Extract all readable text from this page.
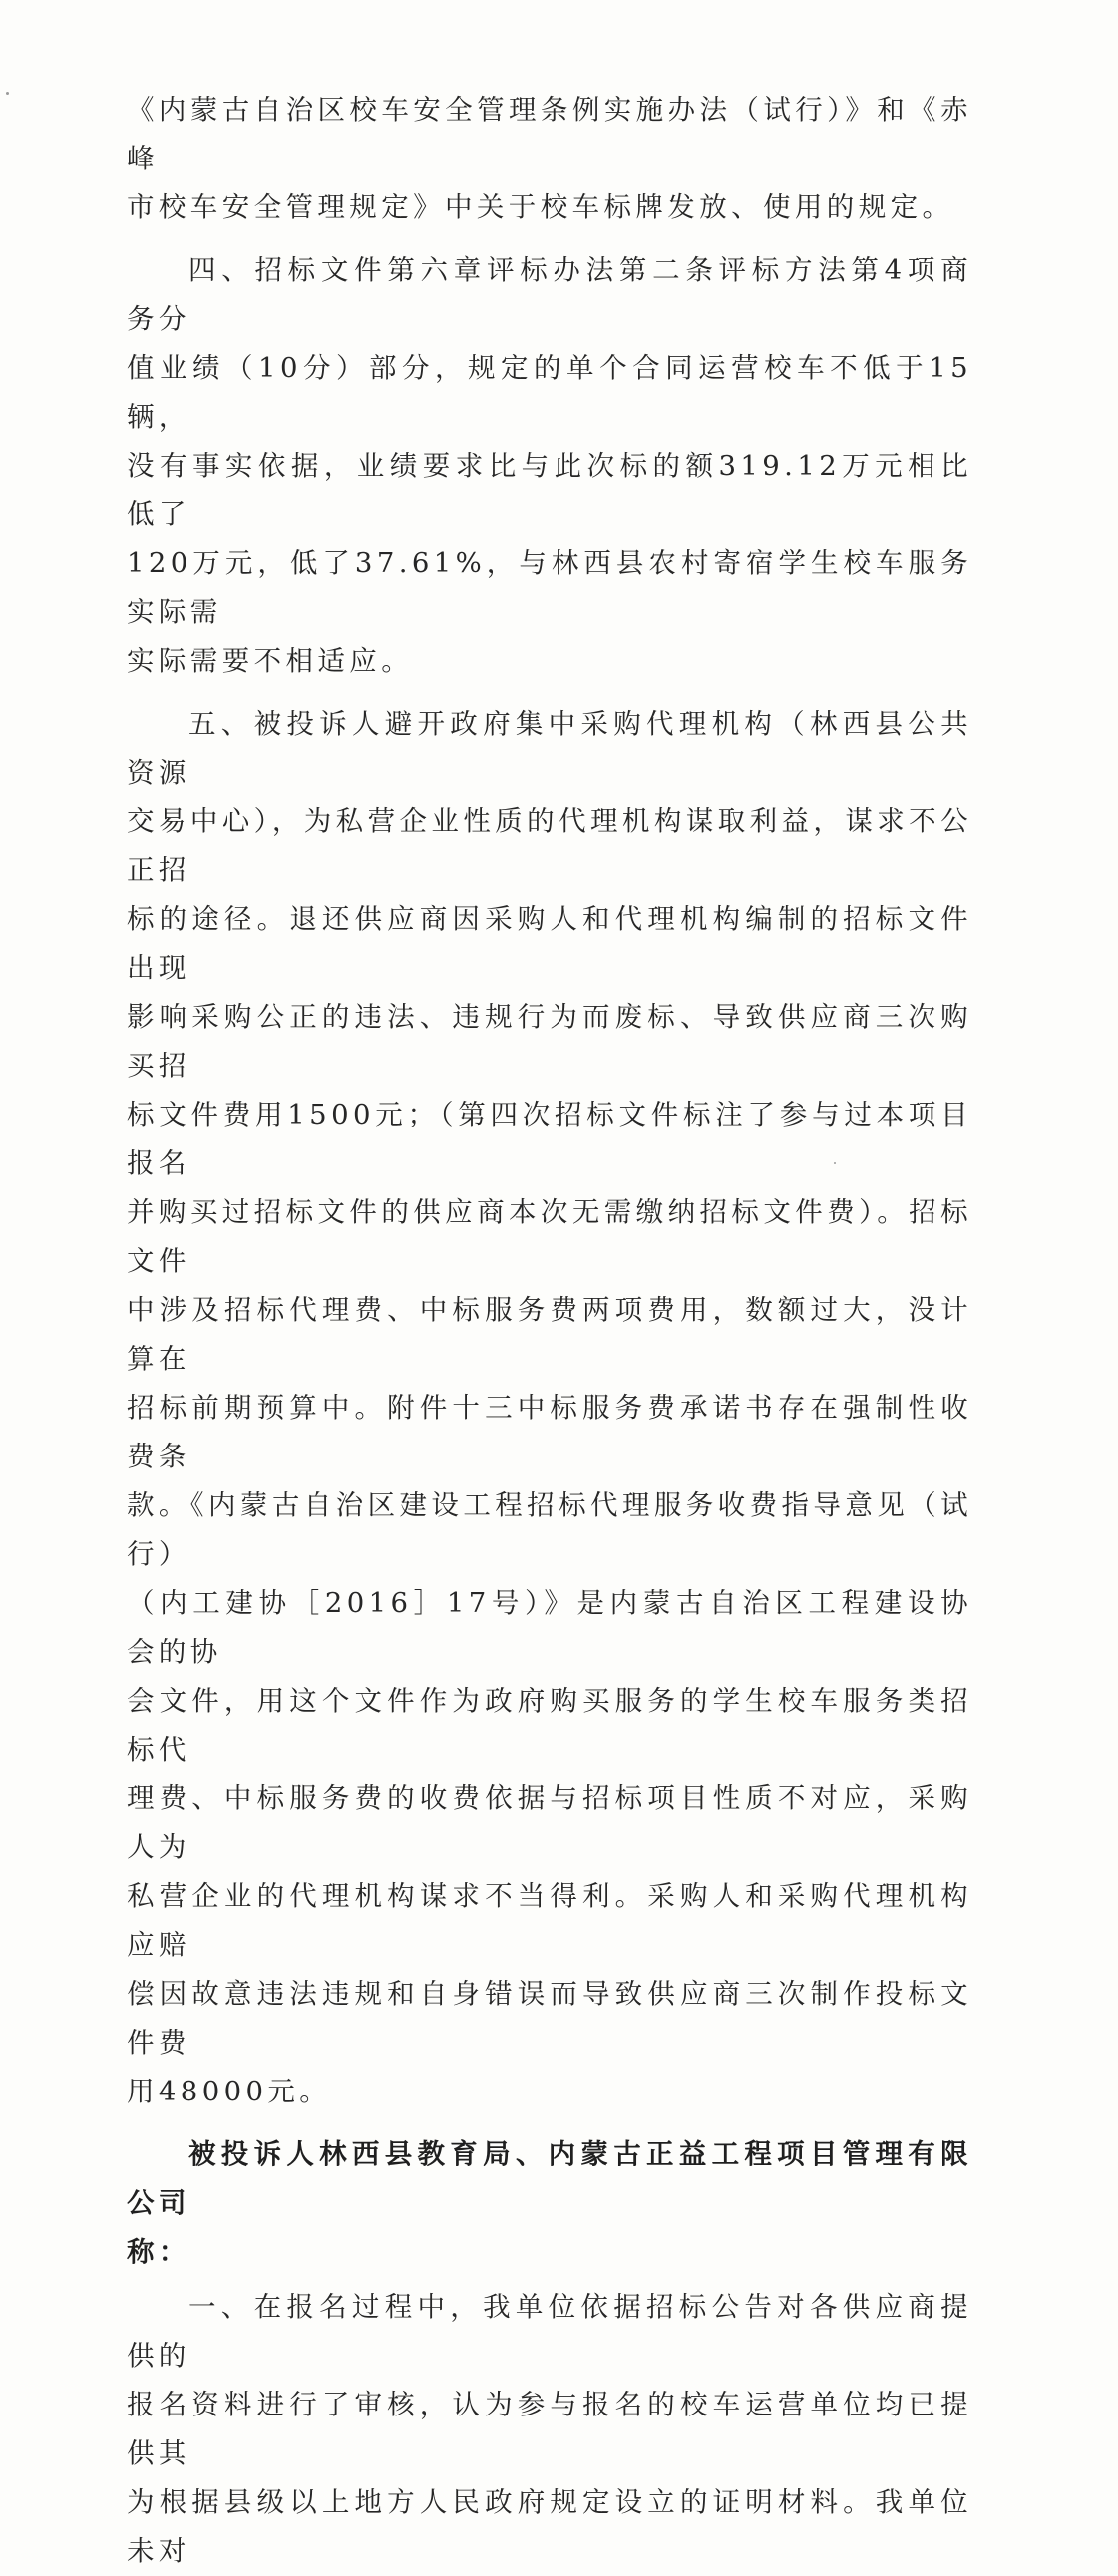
《内蒙古自治区校车安全管理条例实施办法（试行）》和《赤峰
市校车安全管理规定》中关于校车标牌发放、使用的规定。

四、招标文件第六章评标办法第二条评标方法第4项商务分
值业绩（10分）部分，规定的单个合同运营校车不低于15辆，
没有事实依据，业绩要求比与此次标的额319.12万元相比低了
120万元，低了37.61%，与林西县农村寄宿学生校车服务实际需
实际需要不相适应。

五、被投诉人避开政府集中采购代理机构（林西县公共资源
交易中心），为私营企业性质的代理机构谋取利益，谋求不公正招
标的途径。退还供应商因采购人和代理机构编制的招标文件出现
影响采购公正的违法、违规行为而废标、导致供应商三次购买招
标文件费用1500元；（第四次招标文件标注了参与过本项目报名
并购买过招标文件的供应商本次无需缴纳招标文件费）。招标文件
中涉及招标代理费、中标服务费两项费用，数额过大，没计算在
招标前期预算中。附件十三中标服务费承诺书存在强制性收费条
款。《内蒙古自治区建设工程招标代理服务收费指导意见（试行）
（内工建协［2016］17号）》是内蒙古自治区工程建设协会的协
会文件，用这个文件作为政府购买服务的学生校车服务类招标代
理费、中标服务费的收费依据与招标项目性质不对应，采购人为
私营企业的代理机构谋求不当得利。采购人和采购代理机构应赔
偿因故意违法违规和自身错误而导致供应商三次制作投标文件费
用48000元。

被投诉人林西县教育局、内蒙古正益工程项目管理有限公司
称：

一、在报名过程中，我单位依据招标公告对各供应商提供的
报名资料进行了审核，认为参与报名的校车运营单位均已提供其
为根据县级以上地方人民政府规定设立的证明材料。我单位未对
